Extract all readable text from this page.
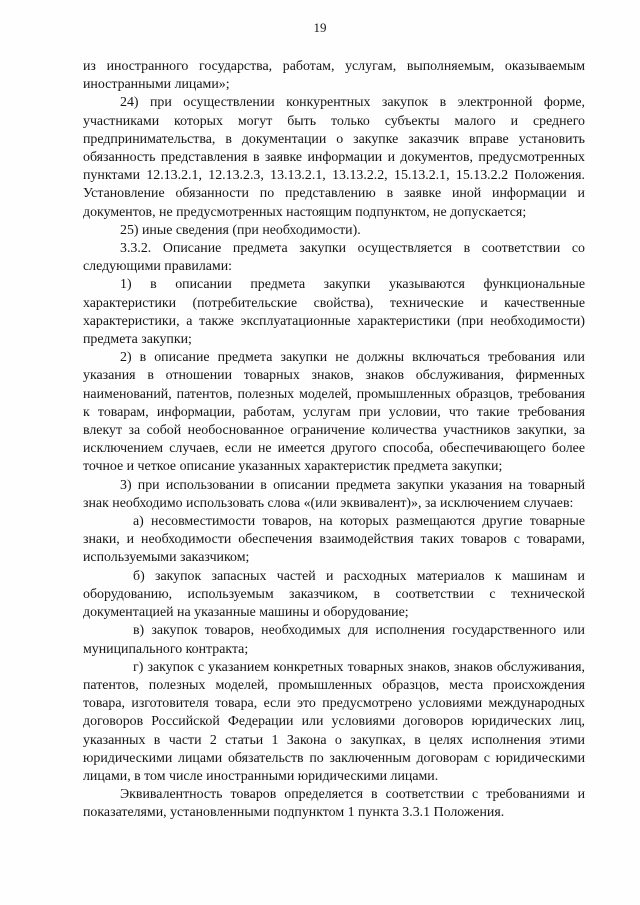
19

из иностранного государства, работам, услугам, выполняемым, оказываемым иностранными лицами»;

24) при осуществлении конкурентных закупок в электронной форме, участниками которых могут быть только субъекты малого и среднего предпринимательства, в документации о закупке заказчик вправе установить обязанность представления в заявке информации и документов, предусмотренных пунктами 12.13.2.1, 12.13.2.3, 13.13.2.1, 13.13.2.2, 15.13.2.1, 15.13.2.2 Положения. Установление обязанности по представлению в заявке иной информации и документов, не предусмотренных настоящим подпунктом, не допускается;

25) иные сведения (при необходимости).

3.3.2. Описание предмета закупки осуществляется в соответствии со следующими правилами:

1) в описании предмета закупки указываются функциональные характеристики (потребительские свойства), технические и качественные характеристики, а также эксплуатационные характеристики (при необходимости) предмета закупки;

2) в описание предмета закупки не должны включаться требования или указания в отношении товарных знаков, знаков обслуживания, фирменных наименований, патентов, полезных моделей, промышленных образцов, требования к товарам, информации, работам, услугам при условии, что такие требования влекут за собой необоснованное ограничение количества участников закупки, за исключением случаев, если не имеется другого способа, обеспечивающего более точное и четкое описание указанных характеристик предмета закупки;

3) при использовании в описании предмета закупки указания на товарный знак необходимо использовать слова «(или эквивалент)», за исключением случаев:

а) несовместимости товаров, на которых размещаются другие товарные знаки, и необходимости обеспечения взаимодействия таких товаров с товарами, используемыми заказчиком;

б) закупок запасных частей и расходных материалов к машинам и оборудованию, используемым заказчиком, в соответствии с технической документацией на указанные машины и оборудование;

в) закупок товаров, необходимых для исполнения государственного или муниципального контракта;

г) закупок с указанием конкретных товарных знаков, знаков обслуживания, патентов, полезных моделей, промышленных образцов, места происхождения товара, изготовителя товара, если это предусмотрено условиями международных договоров Российской Федерации или условиями договоров юридических лиц, указанных в части 2 статьи 1 Закона о закупках, в целях исполнения этими юридическими лицами обязательств по заключенным договорам с юридическими лицами, в том числе иностранными юридическими лицами.

Эквивалентность товаров определяется в соответствии с требованиями и показателями, установленными подпунктом 1 пункта 3.3.1 Положения.
